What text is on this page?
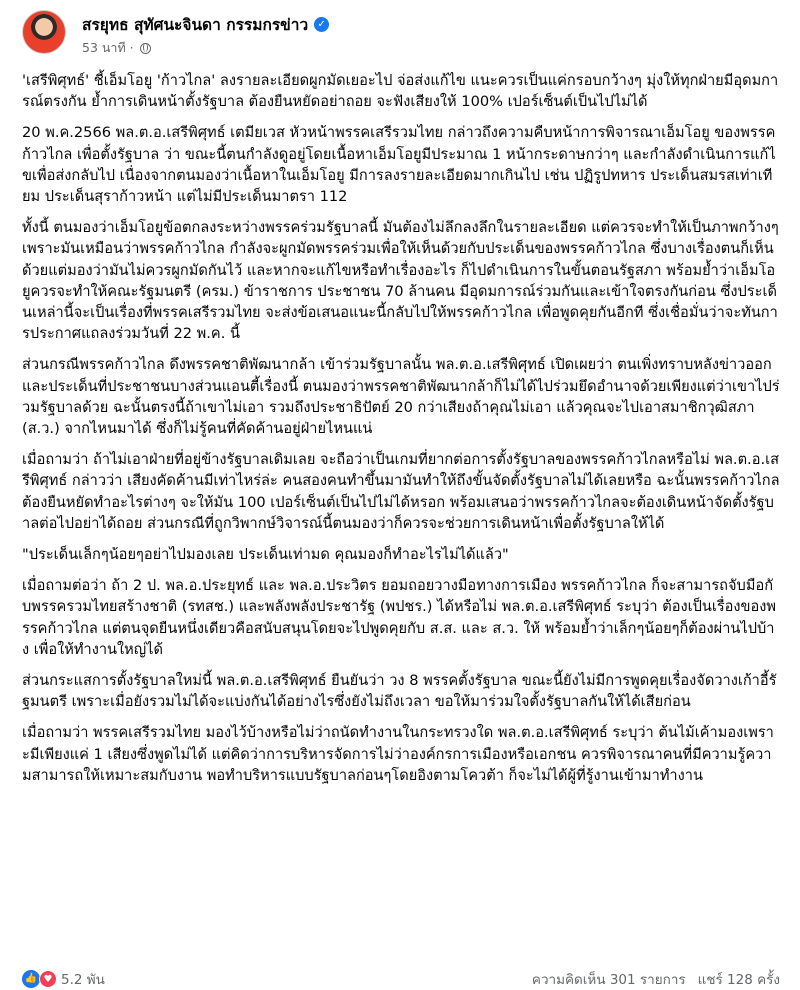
สรยุทธ สุทัศนะจินดา กรรมกรข่าว ✓
53 นาที ·

'เสรีพิศุทธ์' ชี้เอ็มโอยู 'ก้าวไกล' ลงรายละเอียดผูกมัดเยอะไป จ่อส่งแก้ไข แนะควรเป็นแค่กรอบกว้างๆ มุ่งให้ทุกฝ่ายมีอุดมการณ์ตรงกัน ย้ำการเดินหน้าตั้งรัฐบาล ต้องยืนหยัดอย่าถอย จะฟังเสียงให้ 100% เปอร์เซ็นต์เป็นไปไม่ได้

20 พ.ค.2566 พล.ต.อ.เสรีพิศุทธ์ เตมียเวส หัวหน้าพรรคเสรีรวมไทย กล่าวถึงความคืบหน้าการพิจารณาเอ็มโอยู ของพรรคก้าวไกล เพื่อตั้งรัฐบาล ว่า ขณะนี้ตนกำลังดูอยู่โดยเนื้อหาเอ็มโอยูมีประมาณ 1 หน้ากระดาษกว่าๆ และกำลังดำเนินการแก้ไขเพื่อส่งกลับไป เนื่องจากตนมองว่าเนื้อหาในเอ็มโอยู มีการลงรายละเอียดมากเกินไป เช่น ปฏิรูปทหาร ประเด็นสมรสเท่าเทียม ประเด็นสุราก้าวหน้า แต่ไม่มีประเด็นมาตรา 112

ทั้งนี้ ตนมองว่าเอ็มโอยูข้อตกลงระหว่างพรรคร่วมรัฐบาลนี้ มันต้องไม่ลึกลงลึกในรายละเอียด แต่ควรจะทำให้เป็นภาพกว้างๆ เพราะมันเหมือนว่าพรรคก้าวไกล กำลังจะผูกมัดพรรคร่วมเพื่อให้เห็นด้วยกับประเด็นของพรรคก้าวไกล ซึ่งบางเรื่องตนก็เห็นด้วยแต่มองว่ามันไม่ควรผูกมัดกันไว้ และหากจะแก้ไขหรือทำเรื่องอะไร ก็ไปดำเนินการในขั้นตอนรัฐสภา พร้อมย้ำว่าเอ็มโอยูควรจะทำให้คณะรัฐมนตรี (ครม.) ข้าราชการ ประชาชน 70 ล้านคน มีอุดมการณ์ร่วมกันและเข้าใจตรงกันก่อน ซึ่งประเด็นเหล่านี้จะเป็นเรื่องที่พรรคเสรีรวมไทย จะส่งข้อเสนอแนะนี้กลับไปให้พรรคก้าวไกล เพื่อพูดคุยกันอีกที ซึ่งเชื่อมั่นว่าจะทันการประกาศแถลงร่วมวันที่ 22 พ.ค. นี้

ส่วนกรณีพรรคก้าวไกล ดึงพรรคชาติพัฒนากล้า เข้าร่วมรัฐบาลนั้น พล.ต.อ.เสรีพิศุทธ์ เปิดเผยว่า ตนเพิ่งทราบหลังข่าวออก และประเด็นที่ประชาชนบางส่วนแอนตี้เรื่องนี้ ตนมองว่าพรรคชาติพัฒนากล้าก็ไม่ได้ไปร่วมยึดอำนาจด้วยเพียงแต่ว่าเขาไปร่วมรัฐบาลด้วย ฉะนั้นตรงนี้ถ้าเขาไม่เอา รวมถึงประชาธิปัตย์ 20 กว่าเสียงถ้าคุณไม่เอา แล้วคุณจะไปเอาสมาชิกวุฒิสภา (ส.ว.) จากไหนมาได้ ซึ่งก็ไม่รู้คนที่คัดค้านอยู่ฝ่ายไหนแน่

เมื่อถามว่า ถ้าไม่เอาฝ่ายที่อยู่ข้างรัฐบาลเดิมเลย จะถือว่าเป็นเกมที่ยากต่อการตั้งรัฐบาลของพรรคก้าวไกลหรือไม่ พล.ต.อ.เสรีพิศุทธ์ กล่าวว่า เสียงคัดค้านมีเท่าไหร่ล่ะ คนสองคนทำขึ้นมามันทำให้ถึงขั้นจัดตั้งรัฐบาลไม่ได้เลยหรือ ฉะนั้นพรรคก้าวไกลต้องยืนหยัดทำอะไรต่างๆ จะให้มัน 100 เปอร์เซ็นต์เป็นไปไม่ได้หรอก พร้อมเสนอว่าพรรคก้าวไกลจะต้องเดินหน้าจัดตั้งรัฐบาลต่อไปอย่าได้ถอย ส่วนกรณีที่ถูกวิพากษ์วิจารณ์นี้ตนมองว่าก็ควรจะช่วยการเดินหน้าเพื่อตั้งรัฐบาลให้ได้

"ประเด็นเล็กๆน้อยๆอย่าไปมองเลย ประเด็นเท่ามด คุณมองก็ทำอะไรไม่ได้แล้ว"

เมื่อถามต่อว่า ถ้า 2 ป. พล.อ.ประยุทธ์ และ พล.อ.ประวิตร ยอมถอยวางมือทางการเมือง พรรคก้าวไกล ก็จะสามารถจับมือกับพรรครวมไทยสร้างชาติ (รทสช.) และพลังพลังประชารัฐ (พปชร.) ได้หรือไม่ พล.ต.อ.เสรีพิศุทธ์ ระบุว่า ต้องเป็นเรื่องของพรรคก้าวไกล แต่ตนจุดยืนหนึ่งเดียวคือสนับสนุนโดยจะไปพูดคุยกับ ส.ส. และ ส.ว. ให้ พร้อมย้ำว่าเล็กๆน้อยๆก็ต้องผ่านไปบ้าง เพื่อให้ทำงานใหญ่ได้

ส่วนกระแสการตั้งรัฐบาลใหม่นี้ พล.ต.อ.เสรีพิศุทธ์ ยืนยันว่า วง 8 พรรคตั้งรัฐบาล ขณะนี้ยังไม่มีการพูดคุยเรื่องจัดวางเก้าอี้รัฐมนตรี เพราะเมื่อยังรวมไม่ได้จะแบ่งกันได้อย่างไรซึ่งยังไม่ถึงเวลา ขอให้มาร่วมใจตั้งรัฐบาลกันให้ได้เสียก่อน

เมื่อถามว่า พรรคเสรีรวมไทย มองไว้บ้างหรือไม่ว่าถนัดทำงานในกระทรวงใด พล.ต.อ.เสรีพิศุทธ์ ระบุว่า ต้นไม้เค้ามองเพราะมีเพียงแค่ 1 เสียงซึ่งพูดไม่ได้ แต่คิดว่าการบริหารจัดการไม่ว่าองค์กรการเมืองหรือเอกชน ควรพิจารณาคนที่มีความรู้ความสามารถให้เหมาะสมกับงาน พอทำบริหารแบบรัฐบาลก่อนๆโดยอิงตามโควต้า ก็จะไม่ได้ผู้ที่รู้งานเข้ามาทำงาน

👍 ♥ 5.2 พัน	ความคิดเห็น 301 รายการ แชร์ 128 ครั้ง
